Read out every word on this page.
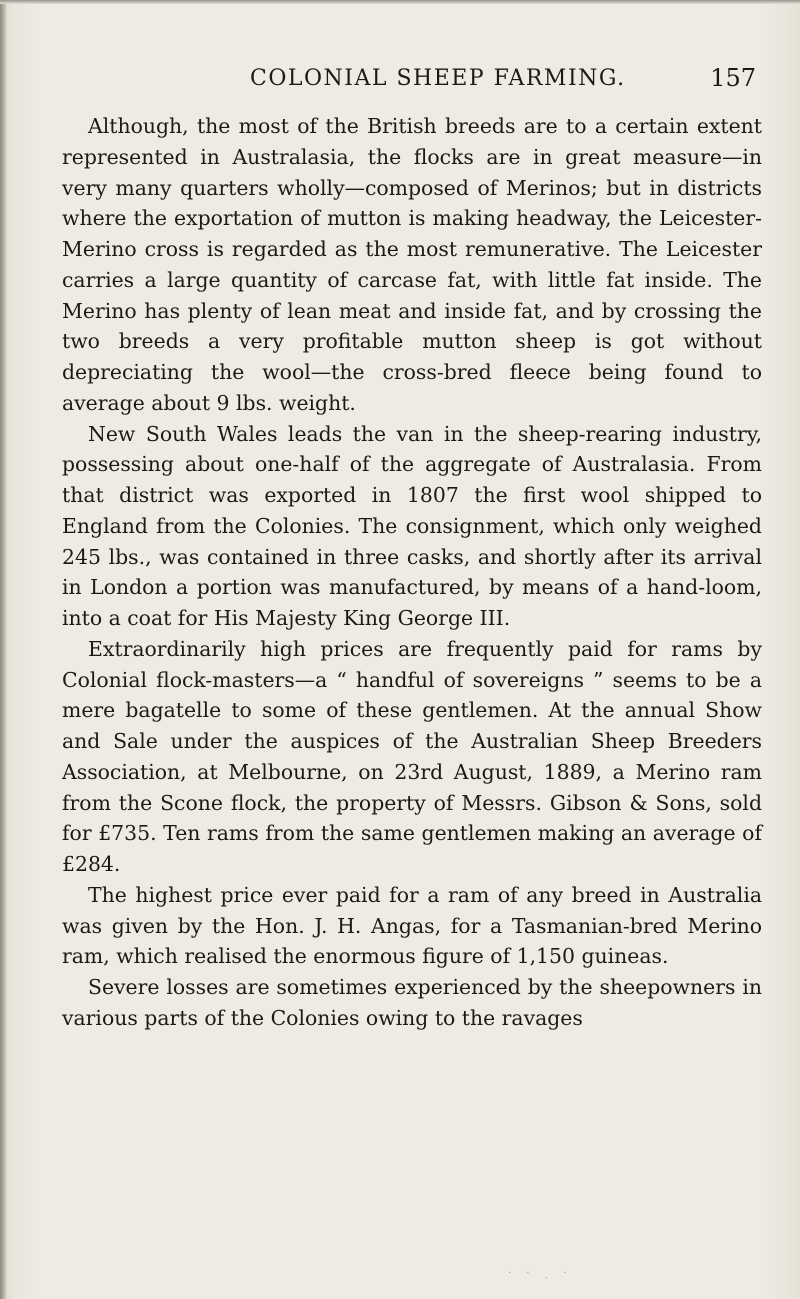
COLONIAL SHEEP FARMING.	157

Although, the most of the British breeds are to a certain extent represented in Australasia, the flocks are in great measure—in very many quarters wholly—composed of Merinos; but in districts where the exportation of mutton is making headway, the Leicester-Merino cross is regarded as the most remunerative. The Leicester carries a large quantity of carcase fat, with little fat inside. The Merino has plenty of lean meat and inside fat, and by crossing the two breeds a very profitable mutton sheep is got without depreciating the wool—the cross-bred fleece being found to average about 9 lbs. weight.

New South Wales leads the van in the sheep-rearing industry, possessing about one-half of the aggregate of Australasia. From that district was exported in 1807 the first wool shipped to England from the Colonies. The consignment, which only weighed 245 lbs., was contained in three casks, and shortly after its arrival in London a portion was manufactured, by means of a hand-loom, into a coat for His Majesty King George III.

Extraordinarily high prices are frequently paid for rams by Colonial flock-masters—a “ handful of sovereigns ” seems to be a mere bagatelle to some of these gentlemen. At the annual Show and Sale under the auspices of the Australian Sheep Breeders Association, at Melbourne, on 23rd August, 1889, a Merino ram from the Scone flock, the property of Messrs. Gibson & Sons, sold for £735. Ten rams from the same gentlemen making an average of £284.

The highest price ever paid for a ram of any breed in Australia was given by the Hon. J. H. Angas, for a Tasmanian-bred Merino ram, which realised the enormous figure of 1,150 guineas.

Severe losses are sometimes experienced by the sheepowners in various parts of the Colonies owing to the ravages

· · ˎ ·
